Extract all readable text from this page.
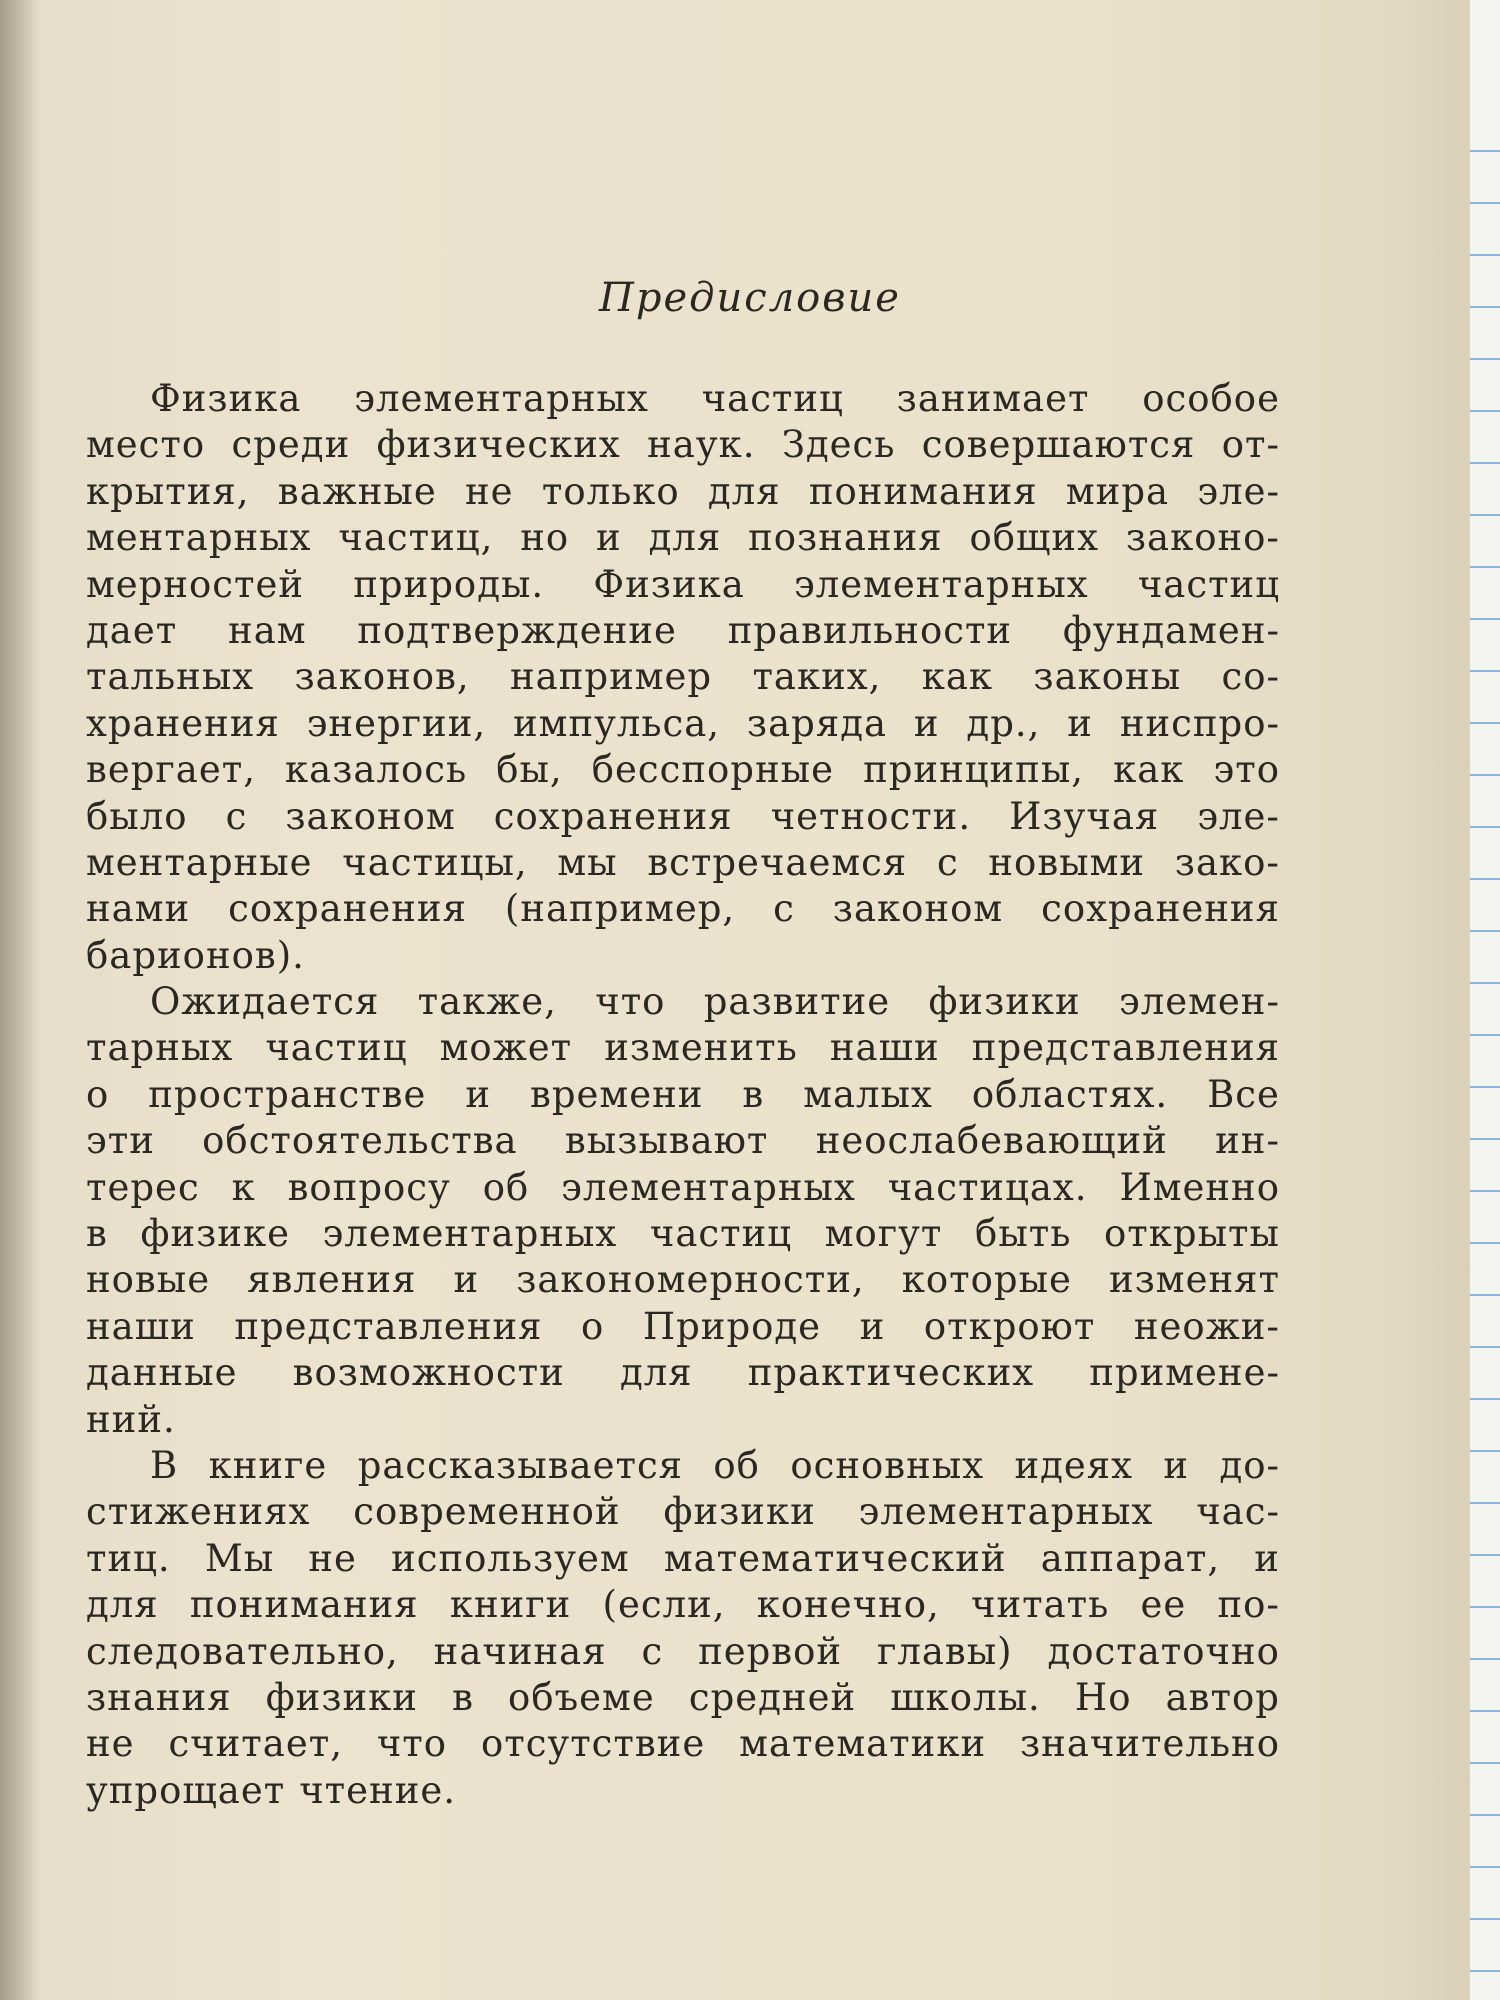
Предисловие
Физика элементарных частиц занимает особое
место среди физических наук. Здесь совершаются от-
крытия, важные не только для понимания мира эле-
ментарных частиц, но и для познания общих законо-
мерностей природы. Физика элементарных частиц
дает нам подтверждение правильности фундамен-
тальных законов, например таких, как законы со-
хранения энергии, импульса, заряда и др., и ниспро-
вергает, казалось бы, бесспорные принципы, как это
было с законом сохранения четности. Изучая эле-
ментарные частицы, мы встречаемся с новыми зако-
нами сохранения (например, с законом сохранения
барионов).
Ожидается также, что развитие физики элемен-
тарных частиц может изменить наши представления
о пространстве и времени в малых областях. Все
эти обстоятельства вызывают неослабевающий ин-
терес к вопросу об элементарных частицах. Именно
в физике элементарных частиц могут быть открыты
новые явления и закономерности, которые изменят
наши представления о Природе и откроют неожи-
данные возможности для практических примене-
ний.
В книге рассказывается об основных идеях и до-
стижениях современной физики элементарных час-
тиц. Мы не используем математический аппарат, и
для понимания книги (если, конечно, читать ее по-
следовательно, начиная с первой главы) достаточно
знания физики в объеме средней школы. Но автор
не считает, что отсутствие математики значительно
упрощает чтение.
